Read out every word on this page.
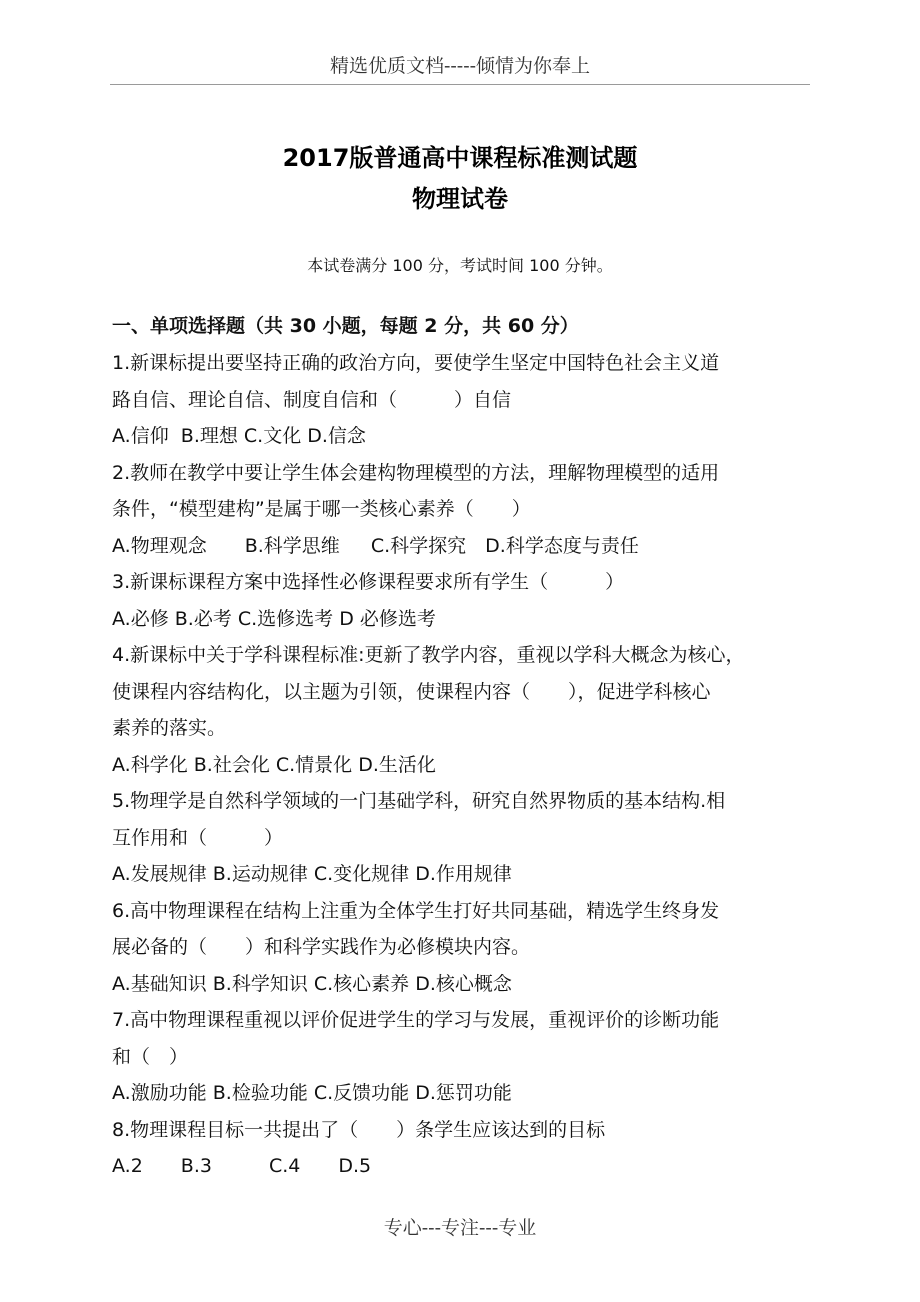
精选优质文档-----倾情为你奉上
2017版普通高中课程标准测试题
物理试卷
本试卷满分 100 分，考试时间 100 分钟。
一、单项选择题（共 30 小题，每题 2 分，共 60 分）
1.新课标提出要坚持正确的政治方向，要使学生坚定中国特色社会主义道
路自信、理论自信、制度自信和（　　　）自信
A.信仰  B.理想 C.文化 D.信念
2.教师在教学中要让学生体会建构物理模型的方法，理解物理模型的适用
条件，“模型建构”是属于哪一类核心素养（　　）
A.物理观念　　B.科学思维　  C.科学探究　D.科学态度与责任
3.新课标课程方案中选择性必修课程要求所有学生（　　　）
A.必修 B.必考 C.选修选考 D 必修选考
4.新课标中关于学科课程标准:更新了教学内容，重视以学科大概念为核心，
使课程内容结构化，以主题为引领，使课程内容（　　），促进学科核心
素养的落实。
A.科学化 B.社会化 C.情景化 D.生活化
5.物理学是自然科学领域的一门基础学科，研究自然界物质的基本结构.相
互作用和（　　　）
A.发展规律 B.运动规律 C.变化规律 D.作用规律
6.高中物理课程在结构上注重为全体学生打好共同基础，精选学生终身发
展必备的（　　）和科学实践作为必修模块内容。
A.基础知识 B.科学知识 C.核心素养 D.核心概念
7.高中物理课程重视以评价促进学生的学习与发展，重视评价的诊断功能
和（　）
A.激励功能 B.检验功能 C.反馈功能 D.惩罚功能
8.物理课程目标一共提出了（　　）条学生应该达到的目标
A.2　　B.3　　　C.4　　D.5
专心---专注---专业
